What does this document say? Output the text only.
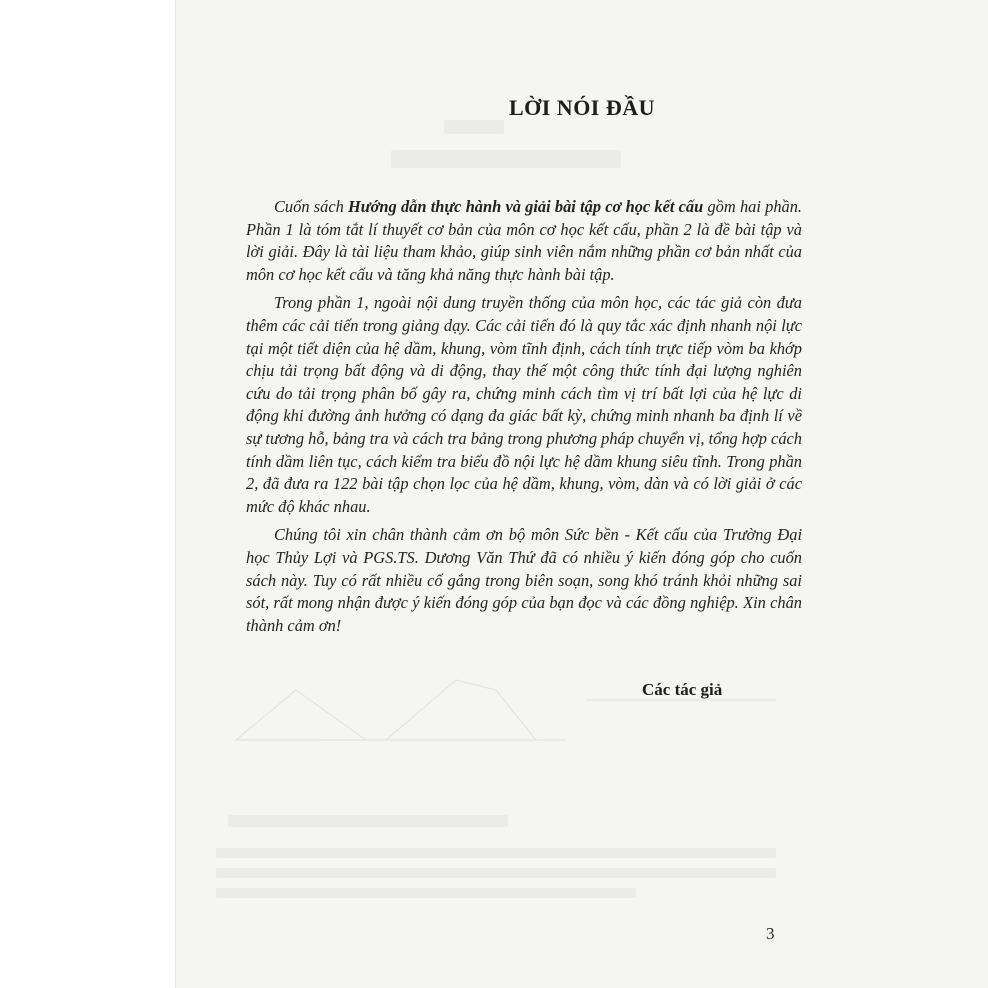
LỜI NÓI ĐẦU

Cuốn sách Hướng dẫn thực hành và giải bài tập cơ học kết cấu gồm hai phần. Phần 1 là tóm tắt lí thuyết cơ bản của môn cơ học kết cấu, phần 2 là đề bài tập và lời giải. Đây là tài liệu tham khảo, giúp sinh viên nắm những phần cơ bản nhất của môn cơ học kết cấu và tăng khả năng thực hành bài tập.

Trong phần 1, ngoài nội dung truyền thống của môn học, các tác giả còn đưa thêm các cải tiến trong giảng dạy. Các cải tiến đó là quy tắc xác định nhanh nội lực tại một tiết diện của hệ dầm, khung, vòm tĩnh định, cách tính trực tiếp vòm ba khớp chịu tải trọng bất động và di động, thay thế một công thức tính đại lượng nghiên cứu do tải trọng phân bố gây ra, chứng minh cách tìm vị trí bất lợi của hệ lực di động khi đường ảnh hưởng có dạng đa giác bất kỳ, chứng minh nhanh ba định lí về sự tương hỗ, bảng tra và cách tra bảng trong phương pháp chuyển vị, tổng hợp cách tính dầm liên tục, cách kiểm tra biểu đồ nội lực hệ dầm khung siêu tĩnh. Trong phần 2, đã đưa ra 122 bài tập chọn lọc của hệ dầm, khung, vòm, dàn và có lời giải ở các mức độ khác nhau.

Chúng tôi xin chân thành cảm ơn bộ môn Sức bền - Kết cấu của Trường Đại học Thủy Lợi và PGS.TS. Dương Văn Thứ đã có nhiều ý kiến đóng góp cho cuốn sách này. Tuy có rất nhiều cố gắng trong biên soạn, song khó tránh khỏi những sai sót, rất mong nhận được ý kiến đóng góp của bạn đọc và các đồng nghiệp. Xin chân thành cảm ơn!

Các tác giả
3
